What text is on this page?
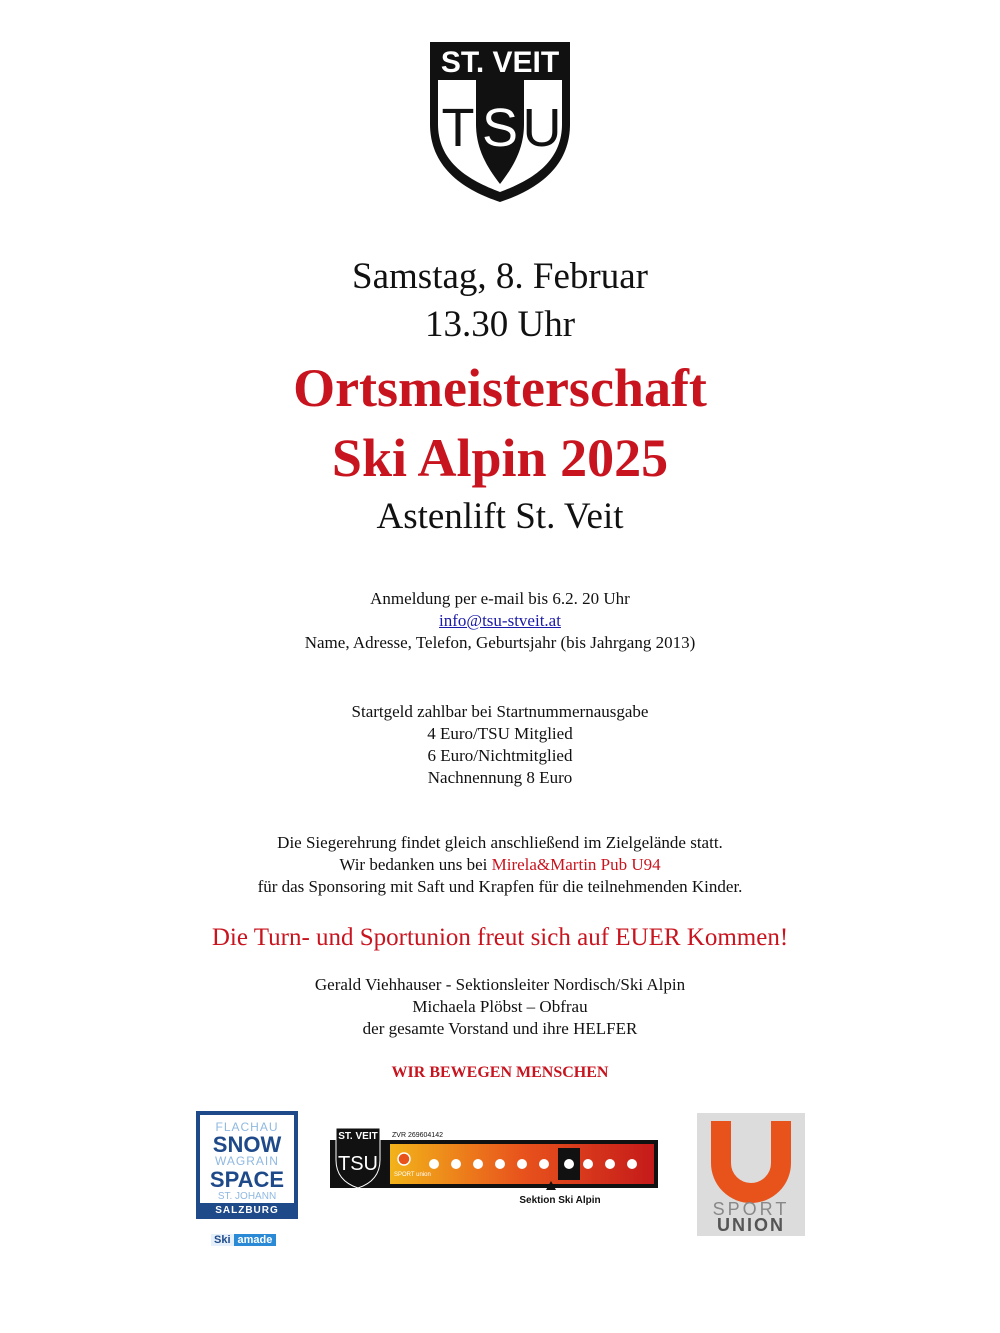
ST. VEIT
T S U
Samstag, 8. Februar
13.30 Uhr
Ortsmeisterschaft
Ski Alpin 2025
Astenlift St. Veit
Anmeldung per e-mail bis 6.2. 20 Uhr
info@tsu-stveit.at
Name, Adresse, Telefon, Geburtsjahr (bis Jahrgang 2013)
Startgeld zahlbar bei Startnummernausgabe
4 Euro/TSU Mitglied
6 Euro/Nichtmitglied
Nachnennung 8 Euro
Die Siegerehrung findet gleich anschließend im Zielgelände statt.
Wir bedanken uns bei Mirela&Martin Pub U94
für das Sponsoring mit Saft und Krapfen für die teilnehmenden Kinder.
Die Turn- und Sportunion freut sich auf EUER Kommen!
Gerald Viehhauser - Sektionsleiter Nordisch/Ski Alpin
Michaela Plöbst – Obfrau
der gesamte Vorstand und ihre HELFER
WIR BEWEGEN MENSCHEN
FLACHAU
SNOW
WAGRAIN
SPACE
ST. JOHANN
SALZBURG
Ski amade
ST. VEIT
TSU
ZVR 269604142
SPORT union
Sektion Ski Alpin	SPORT
UNION
